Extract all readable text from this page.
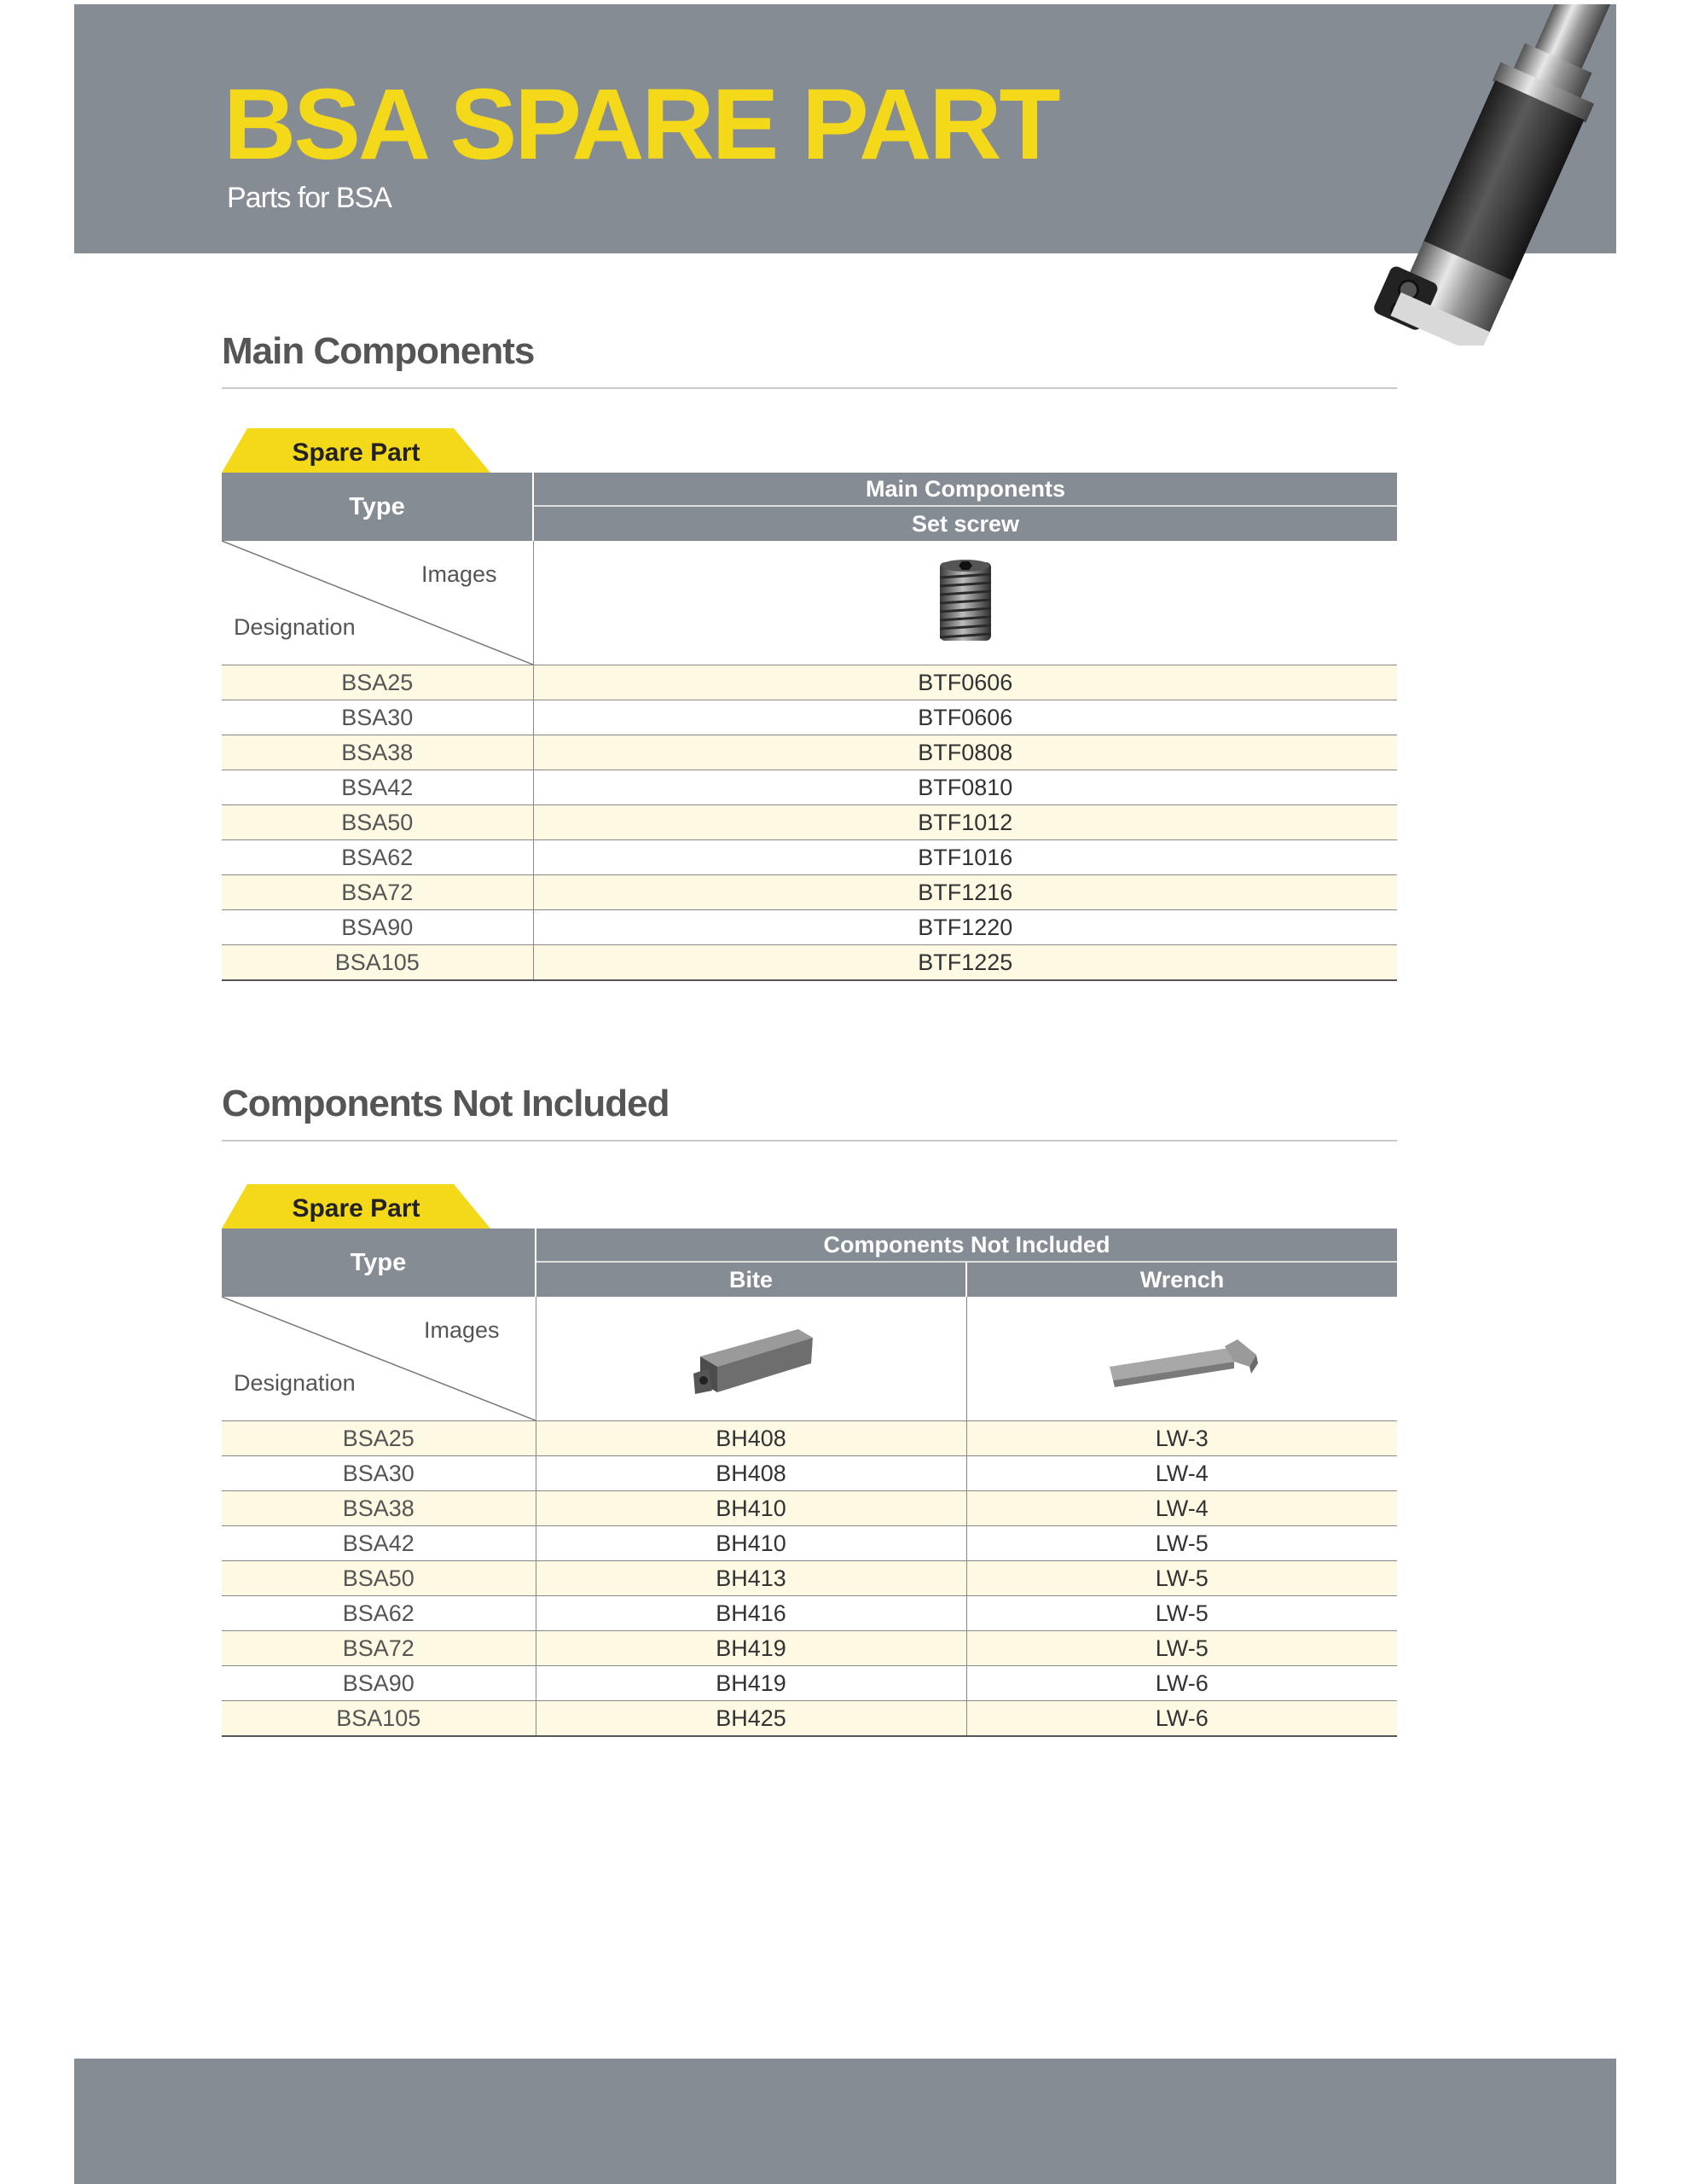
BSA SPARE PART
Parts for BSA
Main Components
Spare Part
Type	Main Components
	Set screw

Images
Designation

BSA25	BTF0606
BSA30	BTF0606
BSA38	BTF0808
BSA42	BTF0810
BSA50	BTF1012
BSA62	BTF1016
BSA72	BTF1216
BSA90	BTF1220
BSA105	BTF1225
Components Not Included
Spare Part
Type	Components Not Included	
	Bite	Wrench

Images
Designation

BSA25	BH408	LW-3
BSA30	BH408	LW-4
BSA38	BH410	LW-4
BSA42	BH410	LW-5
BSA50	BH413	LW-5
BSA62	BH416	LW-5
BSA72	BH419	LW-5
BSA90	BH419	LW-6
BSA105	BH425	LW-6
